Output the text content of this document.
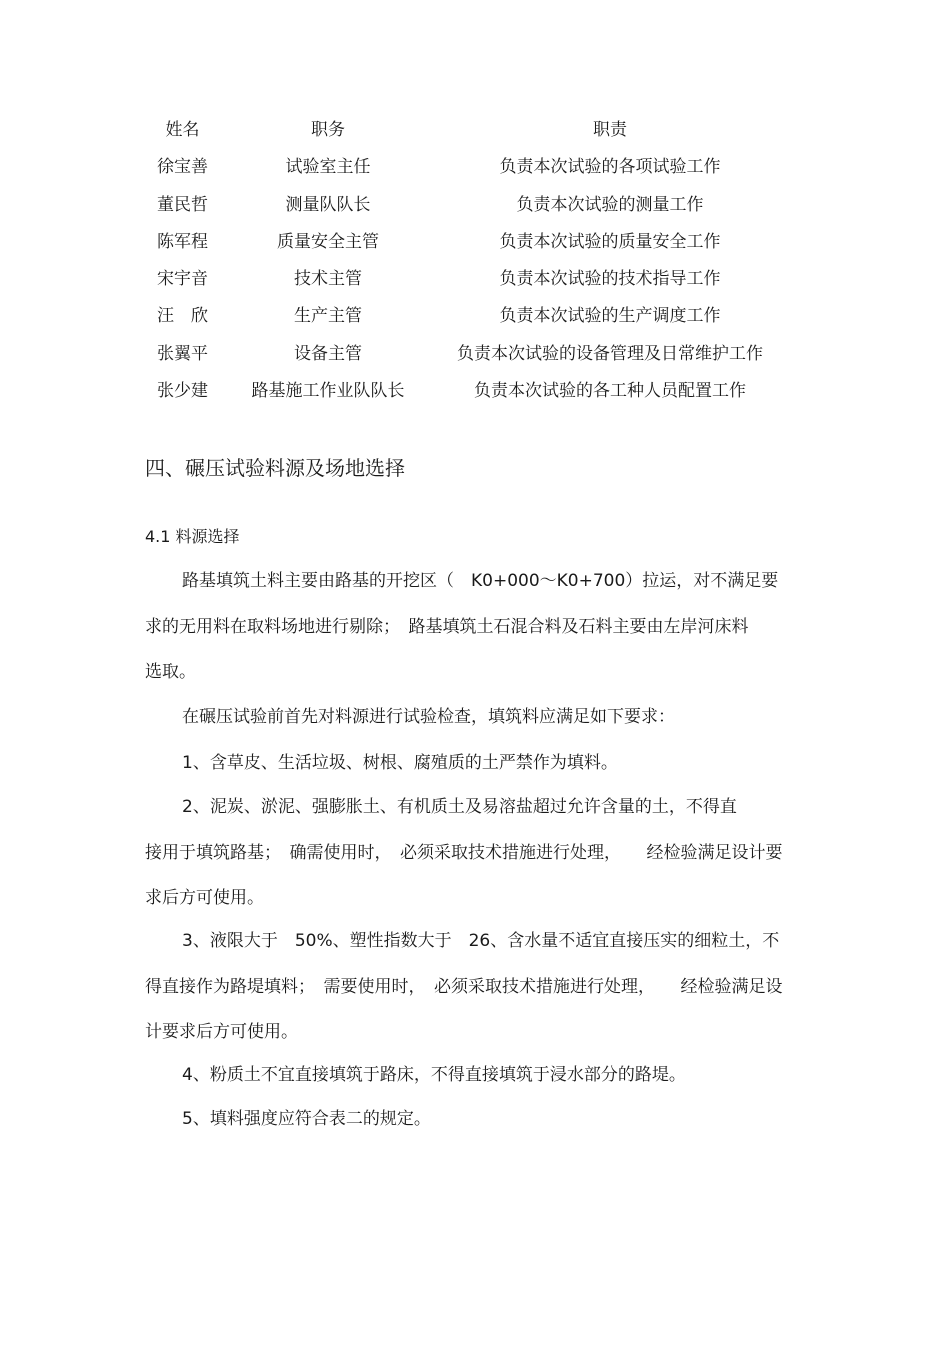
姓名	职务	职责
徐宝善	试验室主任	负责本次试验的各项试验工作
董民哲	测量队队长	负责本次试验的测量工作
陈军程	质量安全主管	负责本次试验的质量安全工作
宋宇音	技术主管	负责本次试验的技术指导工作
汪　欣	生产主管	负责本次试验的生产调度工作
张翼平	设备主管	负责本次试验的设备管理及日常维护工作
张少建	路基施工作业队队长	负责本次试验的各工种人员配置工作
四、碾压试验料源及场地选择
4.1 料源选择
路基填筑土料主要由路基的开挖区（　K0+000～K0+700）拉运，对不满足要
求的无用料在取料场地进行剔除；　路基填筑土石混合料及石料主要由左岸河床料
选取。
在碾压试验前首先对料源进行试验检查，填筑料应满足如下要求：
1、含草皮、生活垃圾、树根、腐殖质的土严禁作为填料。
2、泥炭、淤泥、强膨胀土、有机质土及易溶盐超过允许含量的土，不得直
接用于填筑路基；　确需使用时，　必须采取技术措施进行处理，　　经检验满足设计要
求后方可使用。
3、液限大于　50%、塑性指数大于　26、含水量不适宜直接压实的细粒土，不
得直接作为路堤填料；　需要使用时，　必须采取技术措施进行处理，　　经检验满足设
计要求后方可使用。
4、粉质土不宜直接填筑于路床，不得直接填筑于浸水部分的路堤。
5、填料强度应符合表二的规定。
